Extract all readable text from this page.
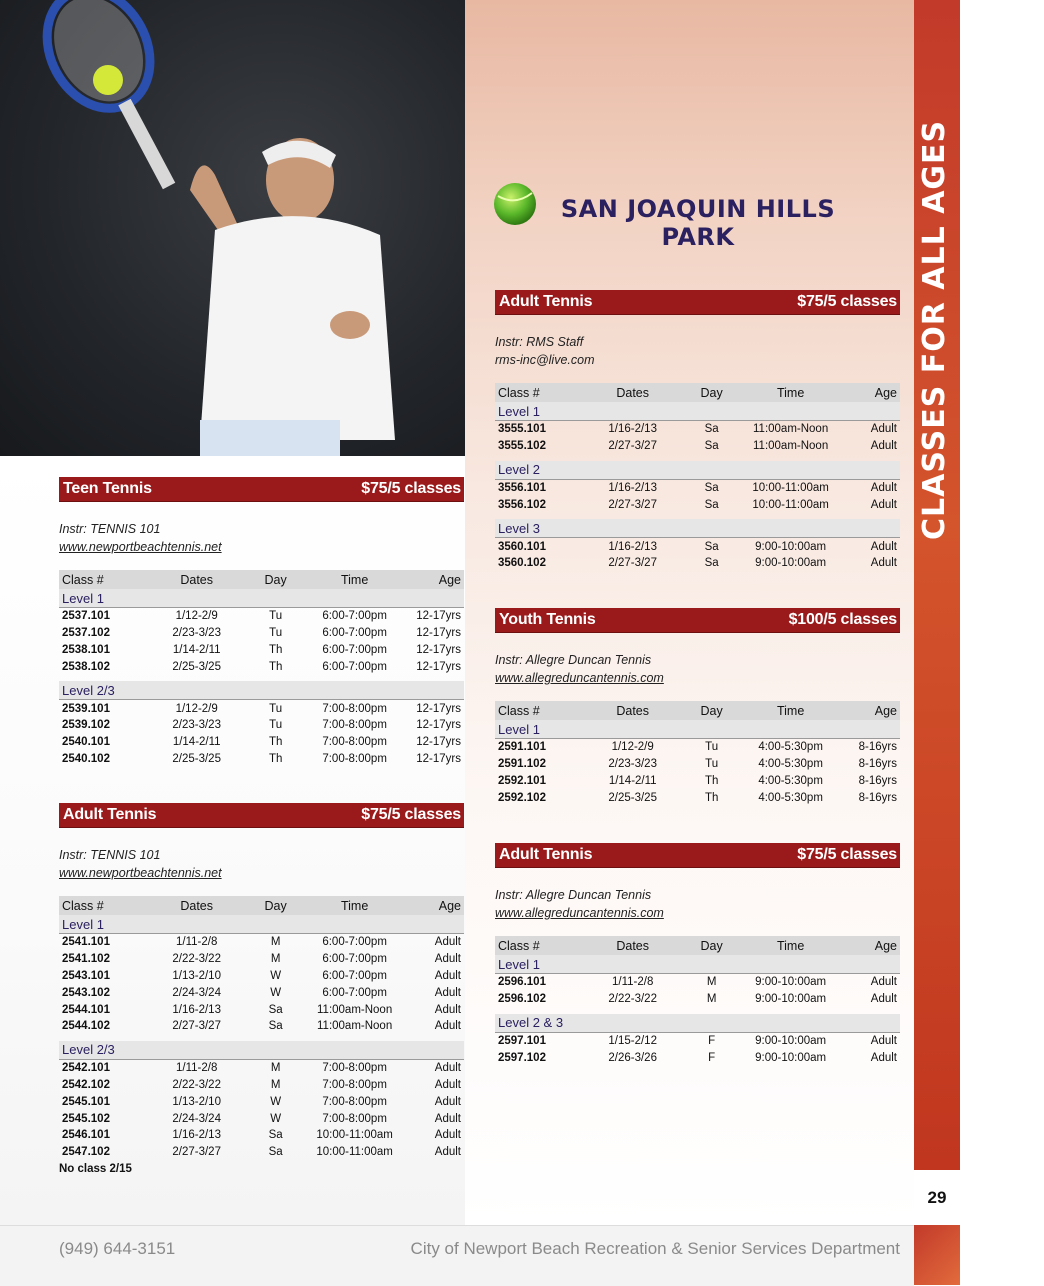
SAN JOAQUIN HILLS
PARK
Teen Tennis	$75/5 classes
Instr: TENNIS 101
www.newportbeachtennis.net
Class #	Dates	Day	Time	Age
Level 1				
2537.101	1/12-2/9	Tu	6:00-7:00pm	12-17yrs
2537.102	2/23-3/23	Tu	6:00-7:00pm	12-17yrs
2538.101	1/14-2/11	Th	6:00-7:00pm	12-17yrs
2538.102	2/25-3/25	Th	6:00-7:00pm	12-17yrs

Level 2/3				
2539.101	1/12-2/9	Tu	7:00-8:00pm	12-17yrs
2539.102	2/23-3/23	Tu	7:00-8:00pm	12-17yrs
2540.101	1/14-2/11	Th	7:00-8:00pm	12-17yrs
2540.102	2/25-3/25	Th	7:00-8:00pm	12-17yrs
Adult Tennis	$75/5 classes
Instr: TENNIS 101
www.newportbeachtennis.net
Class #	Dates	Day	Time	Age
Level 1				
2541.101	1/11-2/8	M	6:00-7:00pm	Adult
2541.102	2/22-3/22	M	6:00-7:00pm	Adult
2543.101	1/13-2/10	W	6:00-7:00pm	Adult
2543.102	2/24-3/24	W	6:00-7:00pm	Adult
2544.101	1/16-2/13	Sa	11:00am-Noon	Adult
2544.102	2/27-3/27	Sa	11:00am-Noon	Adult

Level 2/3				
2542.101	1/11-2/8	M	7:00-8:00pm	Adult
2542.102	2/22-3/22	M	7:00-8:00pm	Adult
2545.101	1/13-2/10	W	7:00-8:00pm	Adult
2545.102	2/24-3/24	W	7:00-8:00pm	Adult
2546.101	1/16-2/13	Sa	10:00-11:00am	Adult
2547.102	2/27-3/27	Sa	10:00-11:00am	Adult
No class 2/15
Adult Tennis	$75/5 classes
Instr: RMS Staff
rms-inc@live.com
Class #	Dates	Day	Time	Age
Level 1				
3555.101	1/16-2/13	Sa	11:00am-Noon	Adult
3555.102	2/27-3/27	Sa	11:00am-Noon	Adult

Level 2				
3556.101	1/16-2/13	Sa	10:00-11:00am	Adult
3556.102	2/27-3/27	Sa	10:00-11:00am	Adult

Level 3				
3560.101	1/16-2/13	Sa	9:00-10:00am	Adult
3560.102	2/27-3/27	Sa	9:00-10:00am	Adult
Youth Tennis	$100/5 classes
Instr: Allegre Duncan Tennis
www.allegreduncantennis.com
Class #	Dates	Day	Time	Age
Level 1				
2591.101	1/12-2/9	Tu	4:00-5:30pm	8-16yrs
2591.102	2/23-3/23	Tu	4:00-5:30pm	8-16yrs
2592.101	1/14-2/11	Th	4:00-5:30pm	8-16yrs
2592.102	2/25-3/25	Th	4:00-5:30pm	8-16yrs
Adult Tennis	$75/5 classes
Instr: Allegre Duncan Tennis
www.allegreduncantennis.com
Class #	Dates	Day	Time	Age
Level 1				
2596.101	1/11-2/8	M	9:00-10:00am	Adult
2596.102	2/22-3/22	M	9:00-10:00am	Adult

Level 2 & 3				
2597.101	1/15-2/12	F	9:00-10:00am	Adult
2597.102	2/26-3/26	F	9:00-10:00am	Adult NAVIGATOR
CLASSES FOR ALL AGES
29
(949) 644-3151	City of Newport Beach Recreation & Senior Services Department
